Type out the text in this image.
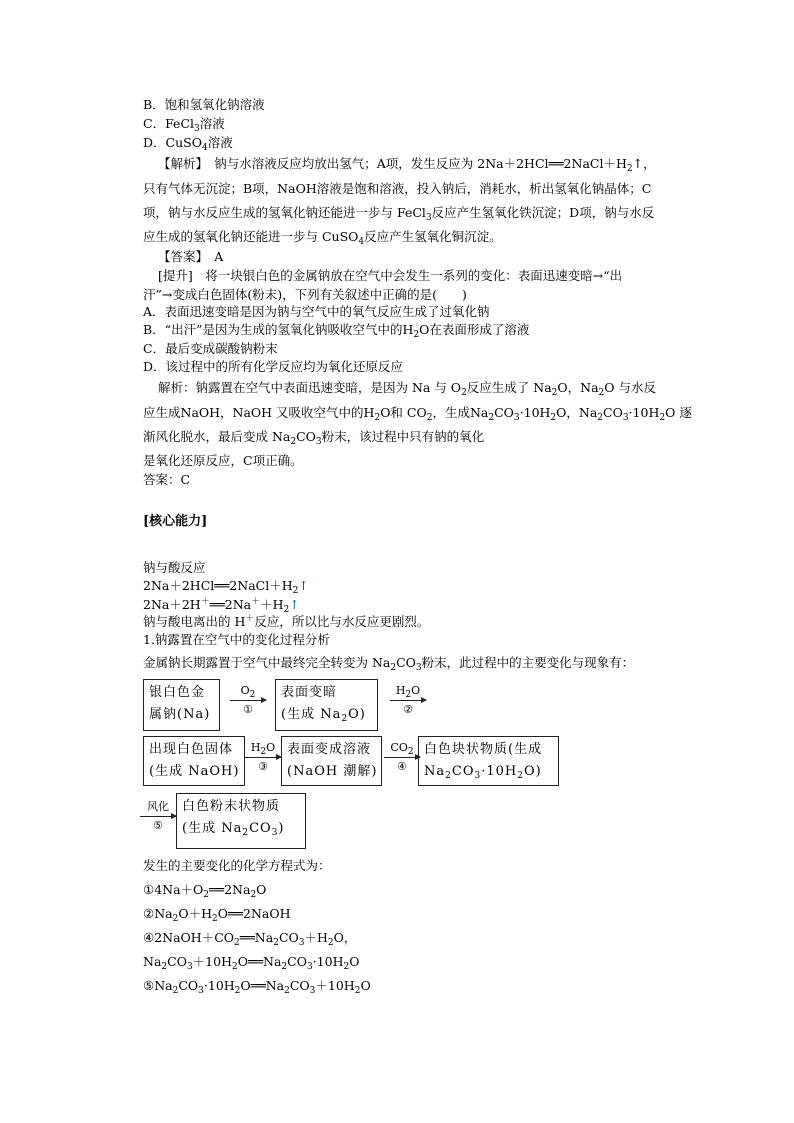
B．饱和氢氧化钠溶液
C．FeCl$_3$溶液
D．CuSO$_4$溶液
【解析】　钠与水溶液反应均放出氢气；A项，发生反应为 $2Na+2HCl══2NaCl+H_2↑$，
只有气体无沉淀；B项，NaOH溶液是饱和溶液，投入钠后，消耗水，析出氢氧化钠晶体；C
项，钠与水反应生成的氢氧化钠还能进一步与 FeCl$_3$反应产生氢氧化铁沉淀；D项，钠与水反
应生成的氢氧化钠还能进一步与 CuSO$_4$反应产生氢氧化铜沉淀。
【答案】　A
[提升]　将一块银白色的金属钠放在空气中会发生一系列的变化：表面迅速变暗→“出
汗”→变成白色固体(粉末)，下列有关叙述中正确的是(　　)
A．表面迅速变暗是因为钠与空气中的氧气反应生成了过氧化钠
B．“出汗”是因为生成的氢氧化钠吸收空气中的$H_2O$在表面形成了溶液
C．最后变成碳酸钠粉末
D．该过程中的所有化学反应均为氧化还原反应
解析：钠露置在空气中表面迅速变暗，是因为 Na 与 $O_2$反应生成了 $Na_2O$，$Na_2O$ 与水反
应生成NaOH，NaOH 又吸收空气中的$H_2O$和 $CO_2$，生成$Na_2CO_3\cdot 10H_2O$，$Na_2CO_3\cdot 10H_2O$ 逐
渐风化脱水，最后变成 $Na_2CO_3$粉末，该过程中只有钠的氧化
是氧化还原反应，C项正确。
答案：C
[核心能力]
钠与酸反应
$2Na+2HCl══2NaCl+H_2↑$
$2Na+2H^+══2Na^++H_2↑$
钠与酸电离出的 H＋反应，所以比与水反应更剧烈。
1.钠露置在空气中的变化过程分析
金属钠长期露置于空气中最终完全转变为 $Na_2CO_3$粉末，此过程中的主要变化与现象有：
银白色金
属钠(Na)
$O_2$
①
表面变暗
(生成 $Na_2O$)
$H_2O$
②
出现白色固体
(生成 NaOH)
$H_2O$
③
表面变成溶液
(NaOH 潮解)
$CO_2$
④
白色块状物质(生成
$Na_2CO_3\cdot 10H_2O$)
风化
⑤
白色粉末状物质
(生成 $Na_2CO_3$)
发生的主要变化的化学方程式为：
$①4Na+O_2══2Na_2O$
$②Na_2O+H_2O══2NaOH$
$④2NaOH+CO_2══Na_2CO_3+H_2O$，
$Na_2CO_3+10H_2O══Na_2CO_3\cdot 10H_2O$
$⑤Na_2CO_3\cdot 10H_2O══Na_2CO_3+10H_2O$
